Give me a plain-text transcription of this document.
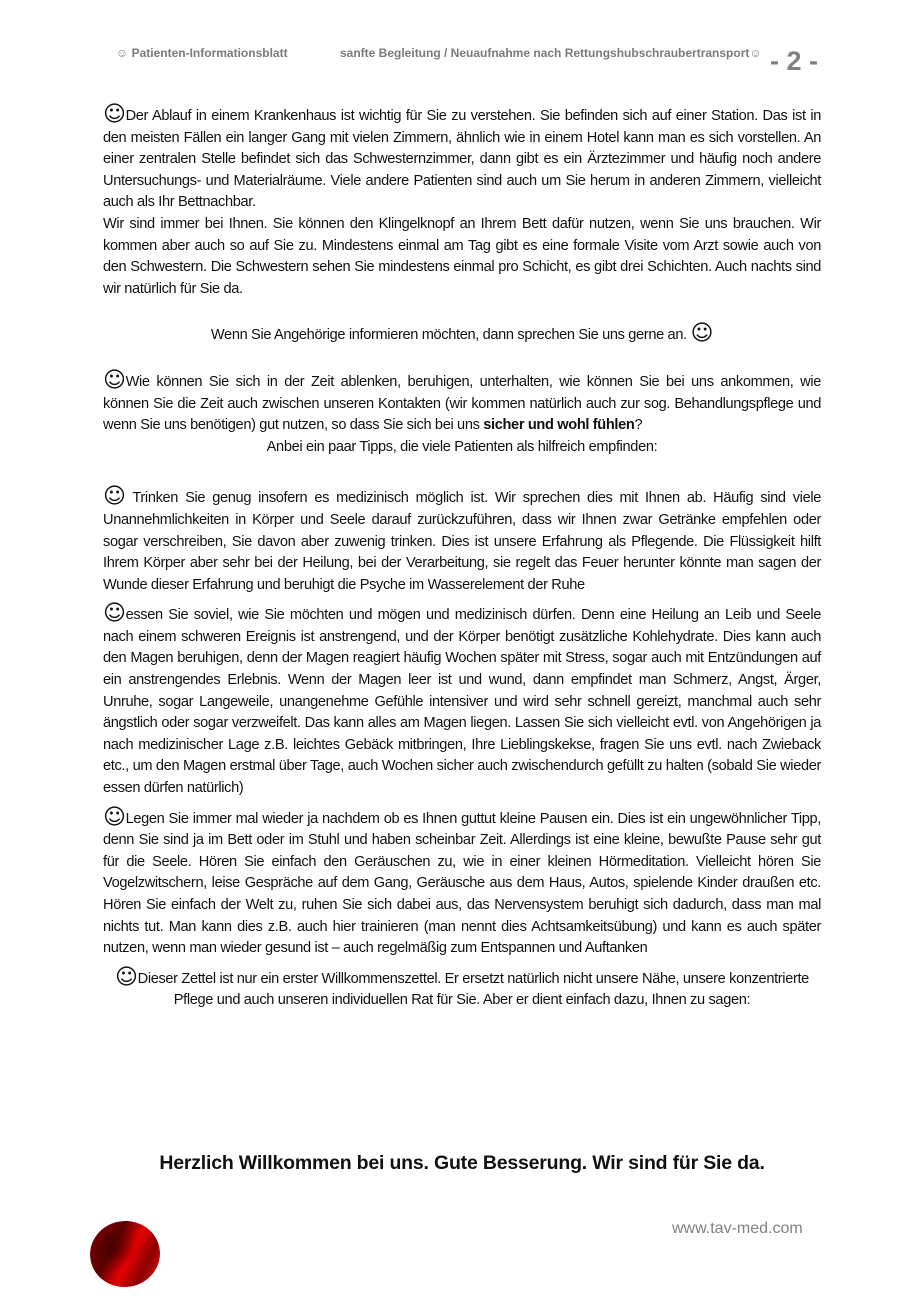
☺ Patienten-Informationsblatt	sanfte Begleitung / Neuaufnahme nach Rettungshubschraubertransport☺ - 2 -

☺Der Ablauf in einem Krankenhaus ist wichtig für Sie zu verstehen. Sie befinden sich auf einer Station. Das ist in den meisten Fällen ein langer Gang mit vielen Zimmern, ähnlich wie in einem Hotel kann man es sich vorstellen. An einer zentralen Stelle befindet sich das Schwesternzimmer, dann gibt es ein Ärztezimmer und häufig noch andere Untersuchungs- und Materialräume. Viele andere Patienten sind auch um Sie herum in anderen Zimmern, vielleicht auch als Ihr Bettnachbar.

Wir sind immer bei Ihnen. Sie können den Klingelknopf an Ihrem Bett dafür nutzen, wenn Sie uns brauchen. Wir kommen aber auch so auf Sie zu. Mindestens einmal am Tag gibt es eine formale Visite vom Arzt sowie auch von den Schwestern. Die Schwestern sehen Sie mindestens einmal pro Schicht, es gibt drei Schichten. Auch nachts sind wir natürlich für Sie da.

Wenn Sie Angehörige informieren möchten, dann sprechen Sie uns gerne an. ☺

☺Wie können Sie sich in der Zeit ablenken, beruhigen, unterhalten, wie können Sie bei uns ankommen, wie können Sie die Zeit auch zwischen unseren Kontakten (wir kommen natürlich auch zur sog. Behandlungspflege und wenn Sie uns benötigen) gut nutzen, so dass Sie sich bei uns sicher und wohl fühlen?

Anbei ein paar Tipps, die viele Patienten als hilfreich empfinden:

☺ Trinken Sie genug insofern es medizinisch möglich ist. Wir sprechen dies mit Ihnen ab. Häufig sind viele Unannehmlichkeiten in Körper und Seele darauf zurückzuführen, dass wir Ihnen zwar Getränke empfehlen oder sogar verschreiben, Sie davon aber zuwenig trinken. Dies ist unsere Erfahrung als Pflegende. Die Flüssigkeit hilft Ihrem Körper aber sehr bei der Heilung, bei der Verarbeitung, sie regelt das Feuer herunter könnte man sagen der Wunde dieser Erfahrung und beruhigt die Psyche im Wasserelement der Ruhe

☺essen Sie soviel, wie Sie möchten und mögen und medizinisch dürfen. Denn eine Heilung an Leib und Seele nach einem schweren Ereignis ist anstrengend, und der Körper benötigt zusätzliche Kohlehydrate. Dies kann auch den Magen beruhigen, denn der Magen reagiert häufig Wochen später mit Stress, sogar auch mit Entzündungen auf ein anstrengendes Erlebnis. Wenn der Magen leer ist und wund, dann empfindet man Schmerz, Angst, Ärger, Unruhe, sogar Langeweile, unangenehme Gefühle intensiver und wird sehr schnell gereizt, manchmal auch sehr ängstlich oder sogar verzweifelt. Das kann alles am Magen liegen. Lassen Sie sich vielleicht evtl. von Angehörigen ja nach medizinischer Lage z.B. leichtes Gebäck mitbringen, Ihre Lieblingskekse, fragen Sie uns evtl. nach Zwieback etc., um den Magen erstmal über Tage, auch Wochen sicher auch zwischendurch gefüllt zu halten (sobald Sie wieder essen dürfen natürlich)

☺Legen Sie immer mal wieder ja nachdem ob es Ihnen guttut kleine Pausen ein. Dies ist ein ungewöhnlicher Tipp, denn Sie sind ja im Bett oder im Stuhl und haben scheinbar Zeit. Allerdings ist eine kleine, bewußte Pause sehr gut für die Seele. Hören Sie einfach den Geräuschen zu, wie in einer kleinen Hörmeditation. Vielleicht hören Sie Vogelzwitschern, leise Gespräche auf dem Gang, Geräusche aus dem Haus, Autos, spielende Kinder draußen etc. Hören Sie einfach der Welt zu, ruhen Sie sich dabei aus, das Nervensystem beruhigt sich dadurch, dass man mal nichts tut. Man kann dies z.B. auch hier trainieren (man nennt dies Achtsamkeitsübung) und kann es auch später nutzen, wenn man wieder gesund ist – auch regelmäßig zum Entspannen und Auftanken

☺Dieser Zettel ist nur ein erster Willkommenszettel. Er ersetzt natürlich nicht unsere Nähe, unsere konzentrierte Pflege und auch unseren individuellen Rat für Sie. Aber er dient einfach dazu, Ihnen zu sagen:

Herzlich Willkommen bei uns. Gute Besserung. Wir sind für Sie da.
www.tav-med.com
